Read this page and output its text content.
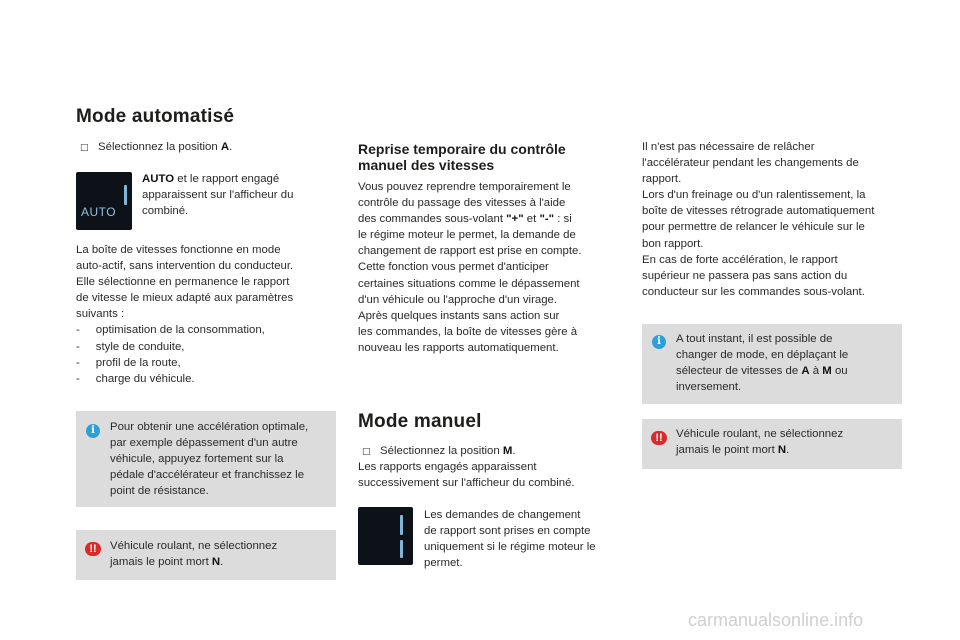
Mode automatisé
□ Sélectionnez la position A.
AUTO
AUTO et le rapport engagé
apparaissent sur l'afficheur du
combiné.
La boîte de vitesses fonctionne en mode
auto-actif, sans intervention du conducteur.
Elle sélectionne en permanence le rapport
de vitesse le mieux adapté aux paramètres
suivants :
- optimisation de la consommation,
- style de conduite,
- profil de la route,
- charge du véhicule.
i	Pour obtenir une accélération optimale,
par exemple dépassement d'un autre
véhicule, appuyez fortement sur la
pédale d'accélérateur et franchissez le
point de résistance.
!!	Véhicule roulant, ne sélectionnez
jamais le point mort N.
Reprise temporaire du contrôle
manuel des vitesses
Vous pouvez reprendre temporairement le
contrôle du passage des vitesses à l'aide
des commandes sous-volant "+" et "-" : si
le régime moteur le permet, la demande de
changement de rapport est prise en compte.
Cette fonction vous permet d'anticiper
certaines situations comme le dépassement
d'un véhicule ou l'approche d'un virage.
Après quelques instants sans action sur
les commandes, la boîte de vitesses gère à
nouveau les rapports automatiquement.
Mode manuel
□ Sélectionnez la position M.
Les rapports engagés apparaissent
successivement sur l'afficheur du combiné.
Les demandes de changement
de rapport sont prises en compte
uniquement si le régime moteur le
permet.
Il n'est pas nécessaire de relâcher
l'accélérateur pendant les changements de
rapport.
Lors d'un freinage ou d'un ralentissement, la
boîte de vitesses rétrograde automatiquement
pour permettre de relancer le véhicule sur le
bon rapport.
En cas de forte accélération, le rapport
supérieur ne passera pas sans action du
conducteur sur les commandes sous-volant.
i	A tout instant, il est possible de
changer de mode, en déplaçant le
sélecteur de vitesses de A à M ou
inversement.
!!	Véhicule roulant, ne sélectionnez
jamais le point mort N.
carmanualsonline.info
